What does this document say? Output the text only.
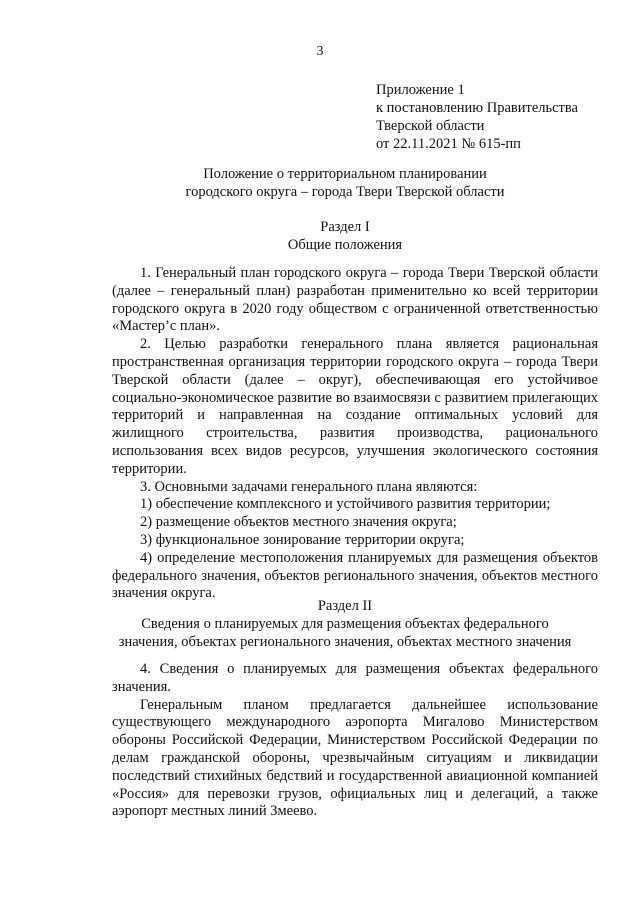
3
Приложение 1
к постановлению Правительства
Тверской области
от 22.11.2021 № 615-пп
Положение о территориальном планировании
городского округа – города Твери Тверской области
Раздел I
Общие положения

1. Генеральный план городского округа – города Твери Тверской области (далее – генеральный план) разработан применительно ко всей территории городского округа в 2020 году обществом с ограниченной ответственностью «Мастер’с план».

2. Целью разработки генерального плана является рациональная пространственная организация территории городского округа – города Твери Тверской области (далее – округ), обеспечивающая его устойчивое социально-экономическое развитие во взаимосвязи с развитием прилегающих территорий и направленная на создание оптимальных условий для жилищного строительства, развития производства, рационального использования всех видов ресурсов, улучшения экологического состояния территории.

3. Основными задачами генерального плана являются:

1) обеспечение комплексного и устойчивого развития территории;

2) размещение объектов местного значения округа;

3) функциональное зонирование территории округа;

4) определение местоположения планируемых для размещения объектов федерального значения, объектов регионального значения, объектов местного значения округа.

Раздел II
Сведения о планируемых для размещения объектах федерального
значения, объектах регионального значения, объектах местного значения

4. Сведения о планируемых для размещения объектах федерального значения.

Генеральным планом предлагается дальнейшее использование существующего международного аэропорта Мигалово Министерством обороны Российской Федерации, Министерством Российской Федерации по делам гражданской обороны, чрезвычайным ситуациям и ликвидации последствий стихийных бедствий и государственной авиационной компанией «Россия» для перевозки грузов, официальных лиц и делегаций, а также аэропорт местных линий Змеево.
